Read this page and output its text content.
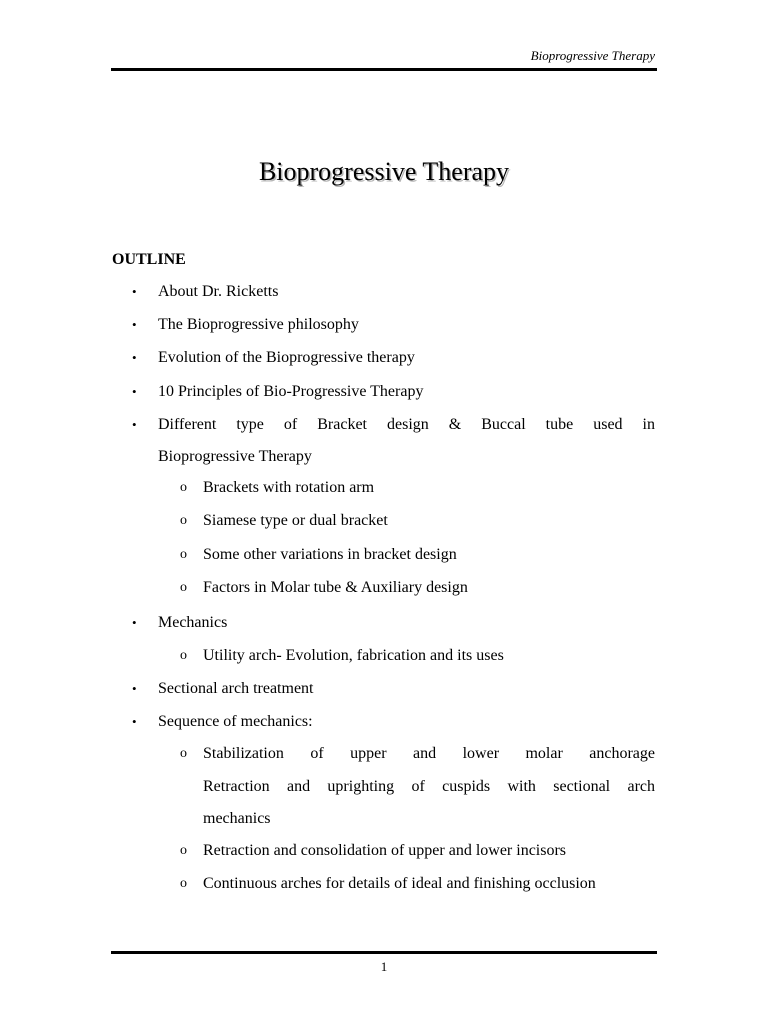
Bioprogressive Therapy
Bioprogressive Therapy
OUTLINE
• About Dr. Ricketts
• The Bioprogressive philosophy
• Evolution of the Bioprogressive therapy
• 10 Principles of Bio-Progressive Therapy
• Different type of Bracket design & Buccal tube used in
Bioprogressive Therapy
o Brackets with rotation arm
o Siamese type or dual bracket
o Some other variations in bracket design
o Factors in Molar tube & Auxiliary design
• Mechanics
o Utility arch- Evolution, fabrication and its uses
• Sectional arch treatment
• Sequence of mechanics:
o Stabilization of upper and lower molar anchorage
Retraction and uprighting of cuspids with sectional arch
mechanics
o Retraction and consolidation of upper and lower incisors
o Continuous arches for details of ideal and finishing occlusion
1
